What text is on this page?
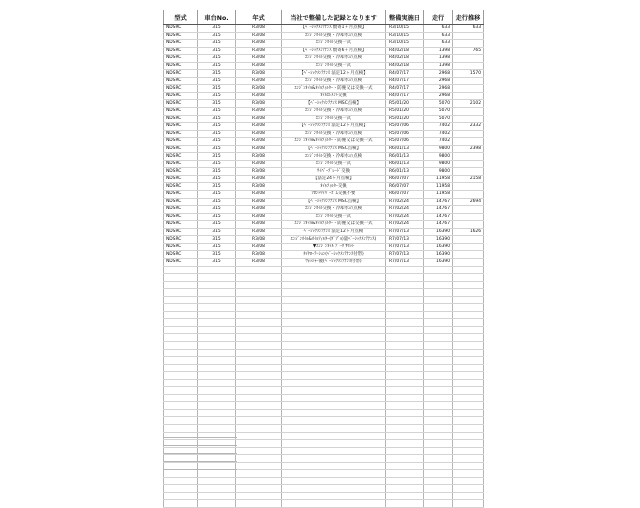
型式	車台No.	年式	当社で整備した記録となります	整備実施日	走行	走行推移
NDSRC	315	R3/08	【ﾍﾞｰｼｯｸﾒﾝﾃﾅﾝｽ 数寄1ヶ月点検】	R3/10/15	633	633
NDSRC	315	R3/08	ｴﾝｼﾞﾝｵｲﾙ交換・冷却水の点検	R3/10/15	633	
NDSRC	315	R3/08	ｴﾝｼﾞﾝｵｲﾙ交換一式	R3/10/15	633	
NDSRC	315	R3/08	【ﾍﾞｰｼｯｸﾒﾝﾃﾅﾝｽ 数寄6ヶ月点検】	R4/02/18	1398	765
NDSRC	315	R3/08	ｴﾝｼﾞﾝｵｲﾙ交換・冷却水の点検	R4/02/18	1398	
NDSRC	315	R3/08	ｴﾝｼﾞﾝｵｲﾙ交換一式	R4/02/18	1398	
NDSRC	315	R3/08	【ﾍﾞｰｼｯｸﾒﾝﾃﾅﾝｽ 法定12ヶ月点検】	R4/07/17	2968	1570
NDSRC	315	R3/08	ｴﾝｼﾞﾝｵｲﾙ交換・冷却水の点検	R4/07/17	2968	
NDSRC	315	R3/08	ｴﾝｼﾞﾝｵｲﾙ&ｵｲﾙﾌｨﾙﾀｰ・防塵又は交換一式	R4/07/17	2968	
NDSRC	315	R3/08	ｵｲﾙｴﾚﾒﾝﾄ交換	R4/07/17	2968	
NDSRC	315	R3/08	【ﾍﾞｰｼｯｸﾒﾝﾃﾅﾝｽ MSC点検】	R5/01/20	5070	2102
NDSRC	315	R3/08	ｴﾝｼﾞﾝｵｲﾙ交換・冷却水の点検	R5/01/20	5070	
NDSRC	315	R3/08	ｴﾝｼﾞﾝｵｲﾙ交換一式	R5/01/20	5070	
NDSRC	315	R3/08	【ﾍﾞｰｼｯｸﾒﾝﾃﾅﾝｽ 法定12ヶ月点検】	R5/07/06	7402	2332
NDSRC	315	R3/08	ｴﾝｼﾞﾝｵｲﾙ交換・冷却水の点検	R5/07/06	7402	
NDSRC	315	R3/08	ｴﾝｼﾞﾝｵｲﾙ&ｵｲﾙﾌｨﾙﾀｰ・防塵又は交換一式	R5/07/06	7402	
NDSRC	315	R3/08	【ﾍﾞｰｼｯｸﾒﾝﾃﾅﾝｽ MSC点検】	R6/01/13	9800	2398
NDSRC	315	R3/08	ｴﾝｼﾞﾝｵｲﾙ交換・冷却水の点検	R6/01/13	9800	
NDSRC	315	R3/08	ｴﾝｼﾞﾝｵｲﾙ交換一式	R6/01/13	9800	
NDSRC	315	R3/08	ﾜｲﾊﾟｰﾌﾞﾚｰﾄﾞ交換	R6/01/13	9800	
NDSRC	315	R3/08	【法定24ヶ月点検】	R6/07/07	11958	2158
NDSRC	315	R3/08	ｵｲﾙﾌｨﾙﾀｰ交換	R6/07/07	11958	
NDSRC	315	R3/08	ﾌﾛﾝﾄﾜｲﾊﾟｰｺﾞﾑ交換不要	R6/07/07	11958	
NDSRC	315	R3/08	【ﾍﾞｰｼｯｸﾒﾝﾃﾅﾝｽ MSC点検】	R7/02/24	14767	2694
NDSRC	315	R3/08	ｴﾝｼﾞﾝｵｲﾙ交換・冷却水の点検	R7/02/24	14767	
NDSRC	315	R3/08	ｴﾝｼﾞﾝｵｲﾙ交換一式	R7/02/24	14767	
NDSRC	315	R3/08	ｴﾝｼﾞﾝｵｲﾙ&ｵｲﾙﾌｨﾙﾀｰ・防塵又は交換一式	R7/02/24	14767	
NDSRC	315	R3/08	ﾍﾞｰｼｯｸﾒﾝﾃﾅﾝｽ 法定12ヶ月点検	R7/07/13	16390	1626
NDSRC	315	R3/08	ｴﾝｼﾞﾝｵｲﾙ&ｵｲﾙﾌｨﾙﾀｰ(ﾀﾞﾌﾞﾙ)量ﾍﾞｰｼｯｸﾒﾝﾃﾅﾝｽ)	R7/07/13	16390	
NDSRC	315	R3/08	▼ｴﾝｼﾞﾝｵｲﾙ ﾃﾞｰﾀ ｻｾｯﾄ	R7/07/13	16390	
NDSRC	315	R3/08	ﾀｲﾔﾛｰﾃｰｼｮﾝ(ﾍﾞｰｼｯｸﾒﾝﾃﾅﾝｽ付帯)	R7/07/13	16390	
NDSRC	315	R3/08	ｳｫｯｼｬｰ液(ﾍﾞｰｼｯｸﾒﾝﾃﾅﾝｽ付帯)	R7/07/13	16390	
